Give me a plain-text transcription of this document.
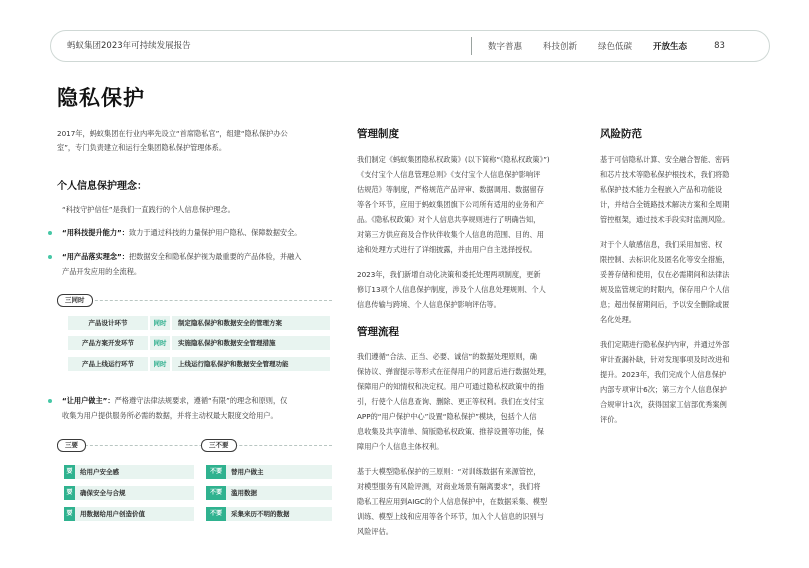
蚂蚁集团2023年可持续发展报告	数字普惠 科技创新 绿色低碳 开放生态	83
隐私保护
2017年，蚂蚁集团在行业内率先设立“首席隐私官”，组建“隐私保护办公
室”，专门负责建立和运行全集团隐私保护管理体系。
个人信息保护理念：
“科技守护信任”是我们一直践行的个人信息保护理念。
“用科技提升能力”：致力于通过科技的力量保护用户隐私、保障数据安全。
“用产品落实理念”：把数据安全和隐私保护视为最重要的产品体验，并融入
产品开发应用的全流程。
三同时
产品设计环节	同时	制定隐私保护和数据安全的管理方案
产品方案开发环节	同时	实施隐私保护和数据安全管理措施
产品上线运行环节	同时	上线运行隐私保护和数据安全管理功能
“让用户做主”：严格遵守法律法规要求，遵循“有限”的理念和原则，仅
收集为用户提供服务所必需的数据，并将主动权最大限度交给用户。
三要	三不要
要	给用户安全感
要	确保安全与合规
要	用数据给用户创造价值
不要	替用户做主
不要	滥用数据
不要	采集来历不明的数据
管理制度
我们制定《蚂蚁集团隐私权政策》(以下简称“《隐私权政策》”)
《支付宝个人信息管理总则》《支付宝个人信息保护影响评
估规范》等制度，严格规范产品评审、数据调用、数据留存
等各个环节，应用于蚂蚁集团旗下公司所有适用的业务和产
品。《隐私权政策》对个人信息共享规则进行了明确告知，
对第三方供应商及合作伙伴收集个人信息的范围、目的、用
途和处理方式进行了详细披露，并由用户自主选择授权。
2023年，我们新增自动化决策和委托处理两项制度，更新
修订13项个人信息保护制度，涉及个人信息处理规则、个人
信息传输与跨境、个人信息保护影响评估等。
管理流程
我们遵循“合法、正当、必要、诚信”的数据处理原则，确
保协议、弹窗提示等形式在征得用户的同意后进行数据处理，
保障用户的知情权和决定权。用户可通过隐私权政策中的指
引，行使个人信息查询、删除、更正等权利。我们在支付宝
APP的“用户保护中心”设置“隐私保护”模块，包括个人信
息收集及共享清单、简版隐私权政策、推荐设置等功能，保
障用户个人信息主体权利。
基于大模型隐私保护的三原则：“对训练数据有来源管控，
对模型服务有风险评测，对商业场景有隔离要求”，我们将
隐私工程应用到AIGC的个人信息保护中，在数据采集、模型
训练、模型上线和应用等各个环节，加入个人信息的识别与
风险评估。
风险防范
基于可信隐私计算、安全融合智能、密码
和芯片技术等隐私保护根技术，我们将隐
私保护技术能力全程嵌入产品和功能设
计，并结合全链路技术解决方案和全周期
管控框架，通过技术手段实时监测风险。
对于个人敏感信息，我们采用加密、权
限控制、去标识化及匿名化等安全措施，
妥善存储和使用，仅在必需期间和法律法
规及监管规定的时限内，保存用户个人信
息；超出保留期间后，予以安全删除或匿
名化处理。
我们定期进行隐私保护内审，并通过外部
审计查漏补缺，针对发现事项及时改进和
提升。2023年，我们完成个人信息保护
内部专项审计6次；第三方个人信息保护
合规审计1次，获得国家工信部优秀案例
评价。
